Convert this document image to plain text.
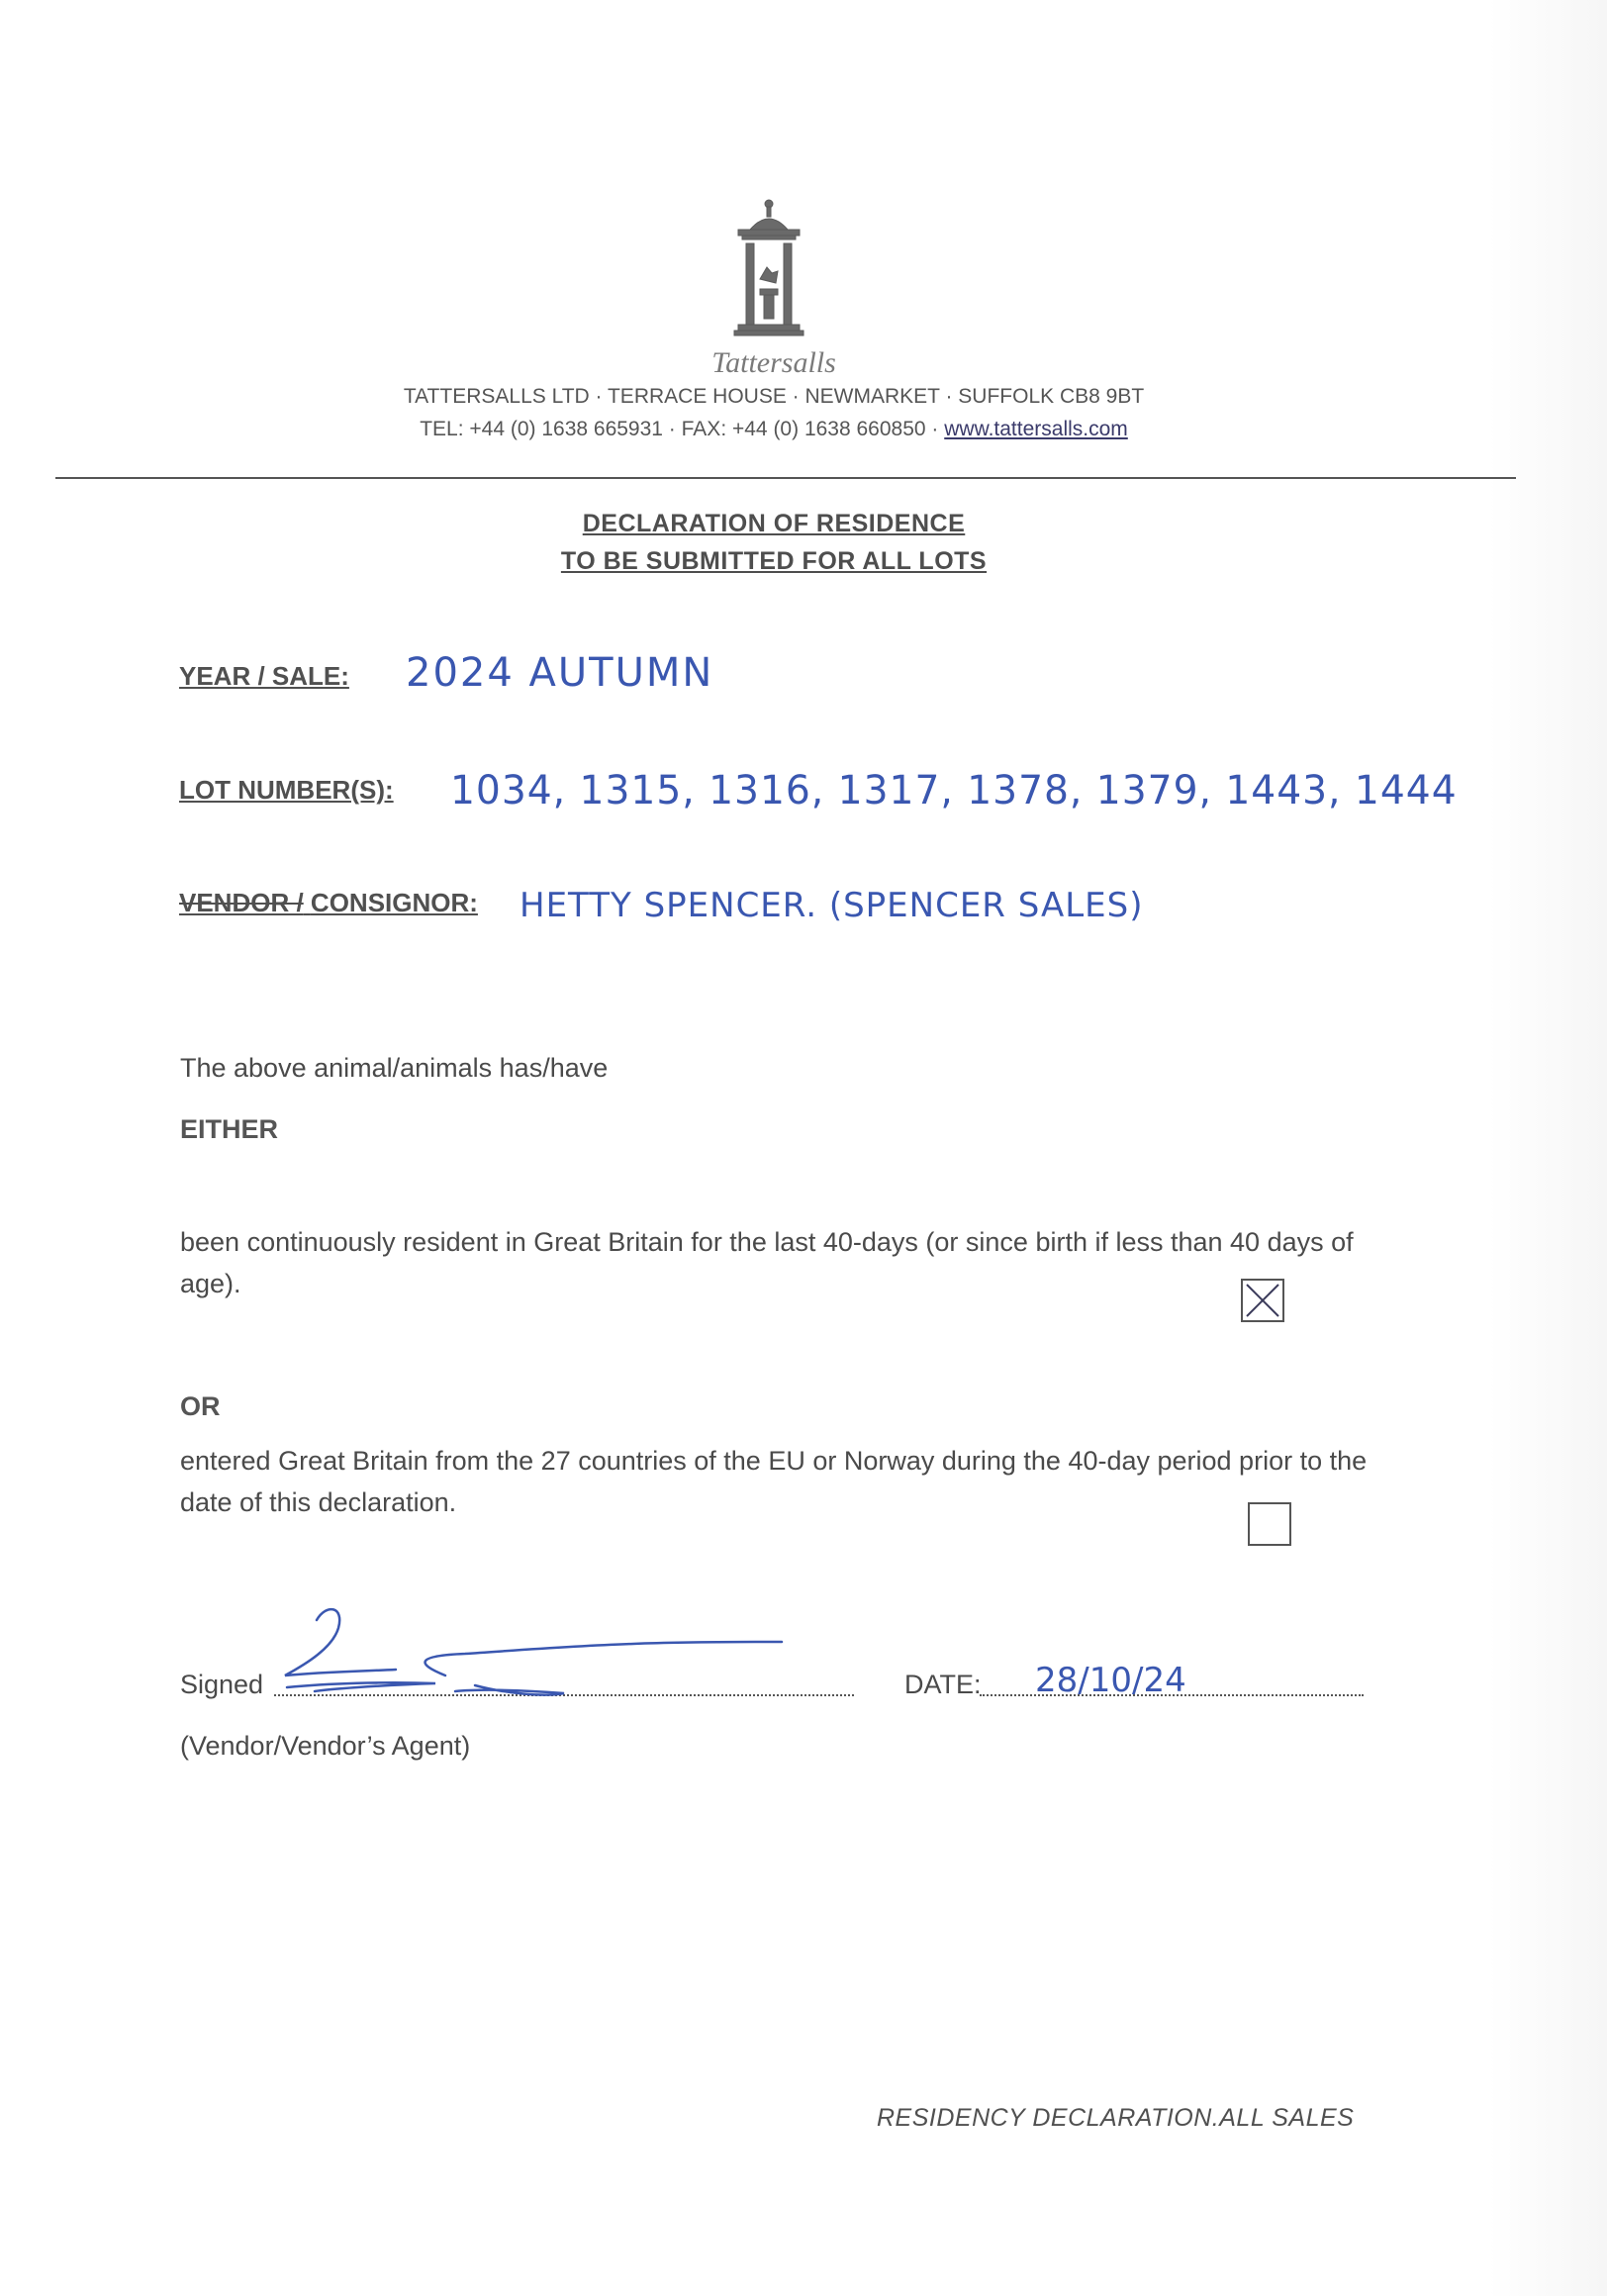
Tattersalls
TATTERSALLS LTD · TERRACE HOUSE · NEWMARKET · SUFFOLK CB8 9BT
TEL: +44 (0) 1638 665931 · FAX: +44 (0) 1638 660850 · www.tattersalls.com
DECLARATION OF RESIDENCE
TO BE SUBMITTED FOR ALL LOTS
YEAR / SALE: 2024 AUTUMN
LOT NUMBER(S): 1034, 1315, 1316, 1317, 1378, 1379, 1443, 1444
VENDOR / CONSIGNOR: HETTY SPENCER. (SPENCER SALES)
The above animal/animals has/have
EITHER
been continuously resident in Great Britain for the last 40-days (or since birth if less than 40 days of age).
OR
entered Great Britain from the 27 countries of the EU or Norway during the 40-day period prior to the date of this declaration.
Signed	DATE: 28/10/24
(Vendor/Vendor’s Agent)
RESIDENCY DECLARATION.ALL SALES
